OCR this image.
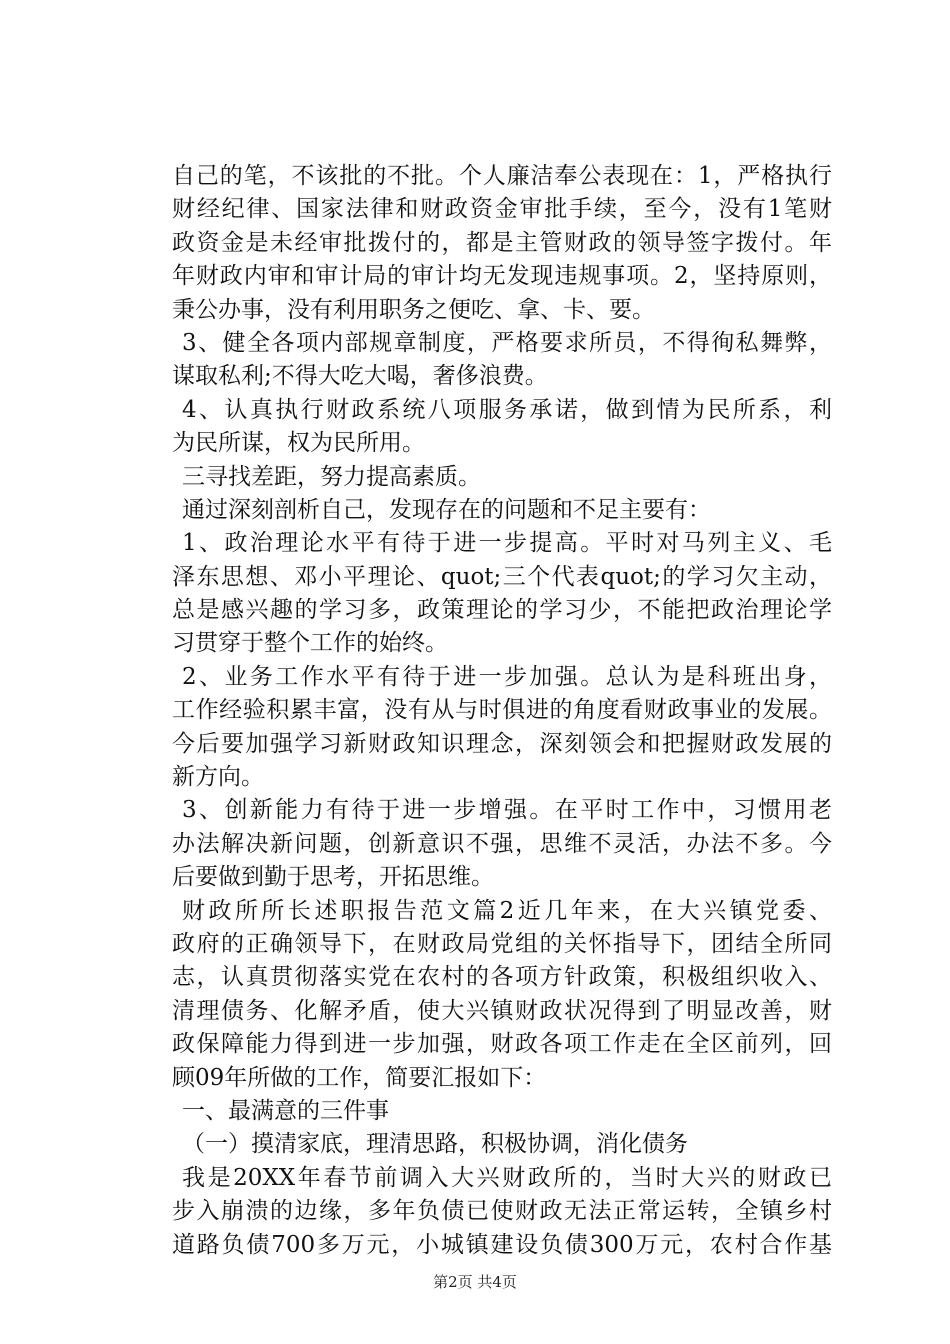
自己的笔，不该批的不批。个人廉洁奉公表现在：1，严格执行
财经纪律、国家法律和财政资金审批手续，至今，没有1笔财
政资金是未经审批拨付的，都是主管财政的领导签字拨付。年
年财政内审和审计局的审计均无发现违规事项。2，坚持原则，
秉公办事，没有利用职务之便吃、拿、卡、要。
3、健全各项内部规章制度，严格要求所员，不得徇私舞弊，
谋取私利;不得大吃大喝，奢侈浪费。
4、认真执行财政系统八项服务承诺，做到情为民所系，利
为民所谋，权为民所用。
三寻找差距，努力提高素质。
通过深刻剖析自己，发现存在的问题和不足主要有：
1、政治理论水平有待于进一步提高。平时对马列主义、毛
泽东思想、邓小平理论、quot;三个代表quot;的学习欠主动，
总是感兴趣的学习多，政策理论的学习少，不能把政治理论学
习贯穿于整个工作的始终。
2、业务工作水平有待于进一步加强。总认为是科班出身，
工作经验积累丰富，没有从与时俱进的角度看财政事业的发展。
今后要加强学习新财政知识理念，深刻领会和把握财政发展的
新方向。
3、创新能力有待于进一步增强。在平时工作中，习惯用老
办法解决新问题，创新意识不强，思维不灵活，办法不多。今
后要做到勤于思考，开拓思维。
财政所所长述职报告范文篇2近几年来，在大兴镇党委、
政府的正确领导下，在财政局党组的关怀指导下，团结全所同
志，认真贯彻落实党在农村的各项方针政策，积极组织收入、
清理债务、化解矛盾，使大兴镇财政状况得到了明显改善，财
政保障能力得到进一步加强，财政各项工作走在全区前列，回
顾09年所做的工作，简要汇报如下：
一、最满意的三件事
（一）摸清家底，理清思路，积极协调，消化债务
我是20XX年春节前调入大兴财政所的，当时大兴的财政已
步入崩溃的边缘，多年负债已使财政无法正常运转，全镇乡村
道路负债700多万元，小城镇建设负债300万元，农村合作基
第2页 共4页
